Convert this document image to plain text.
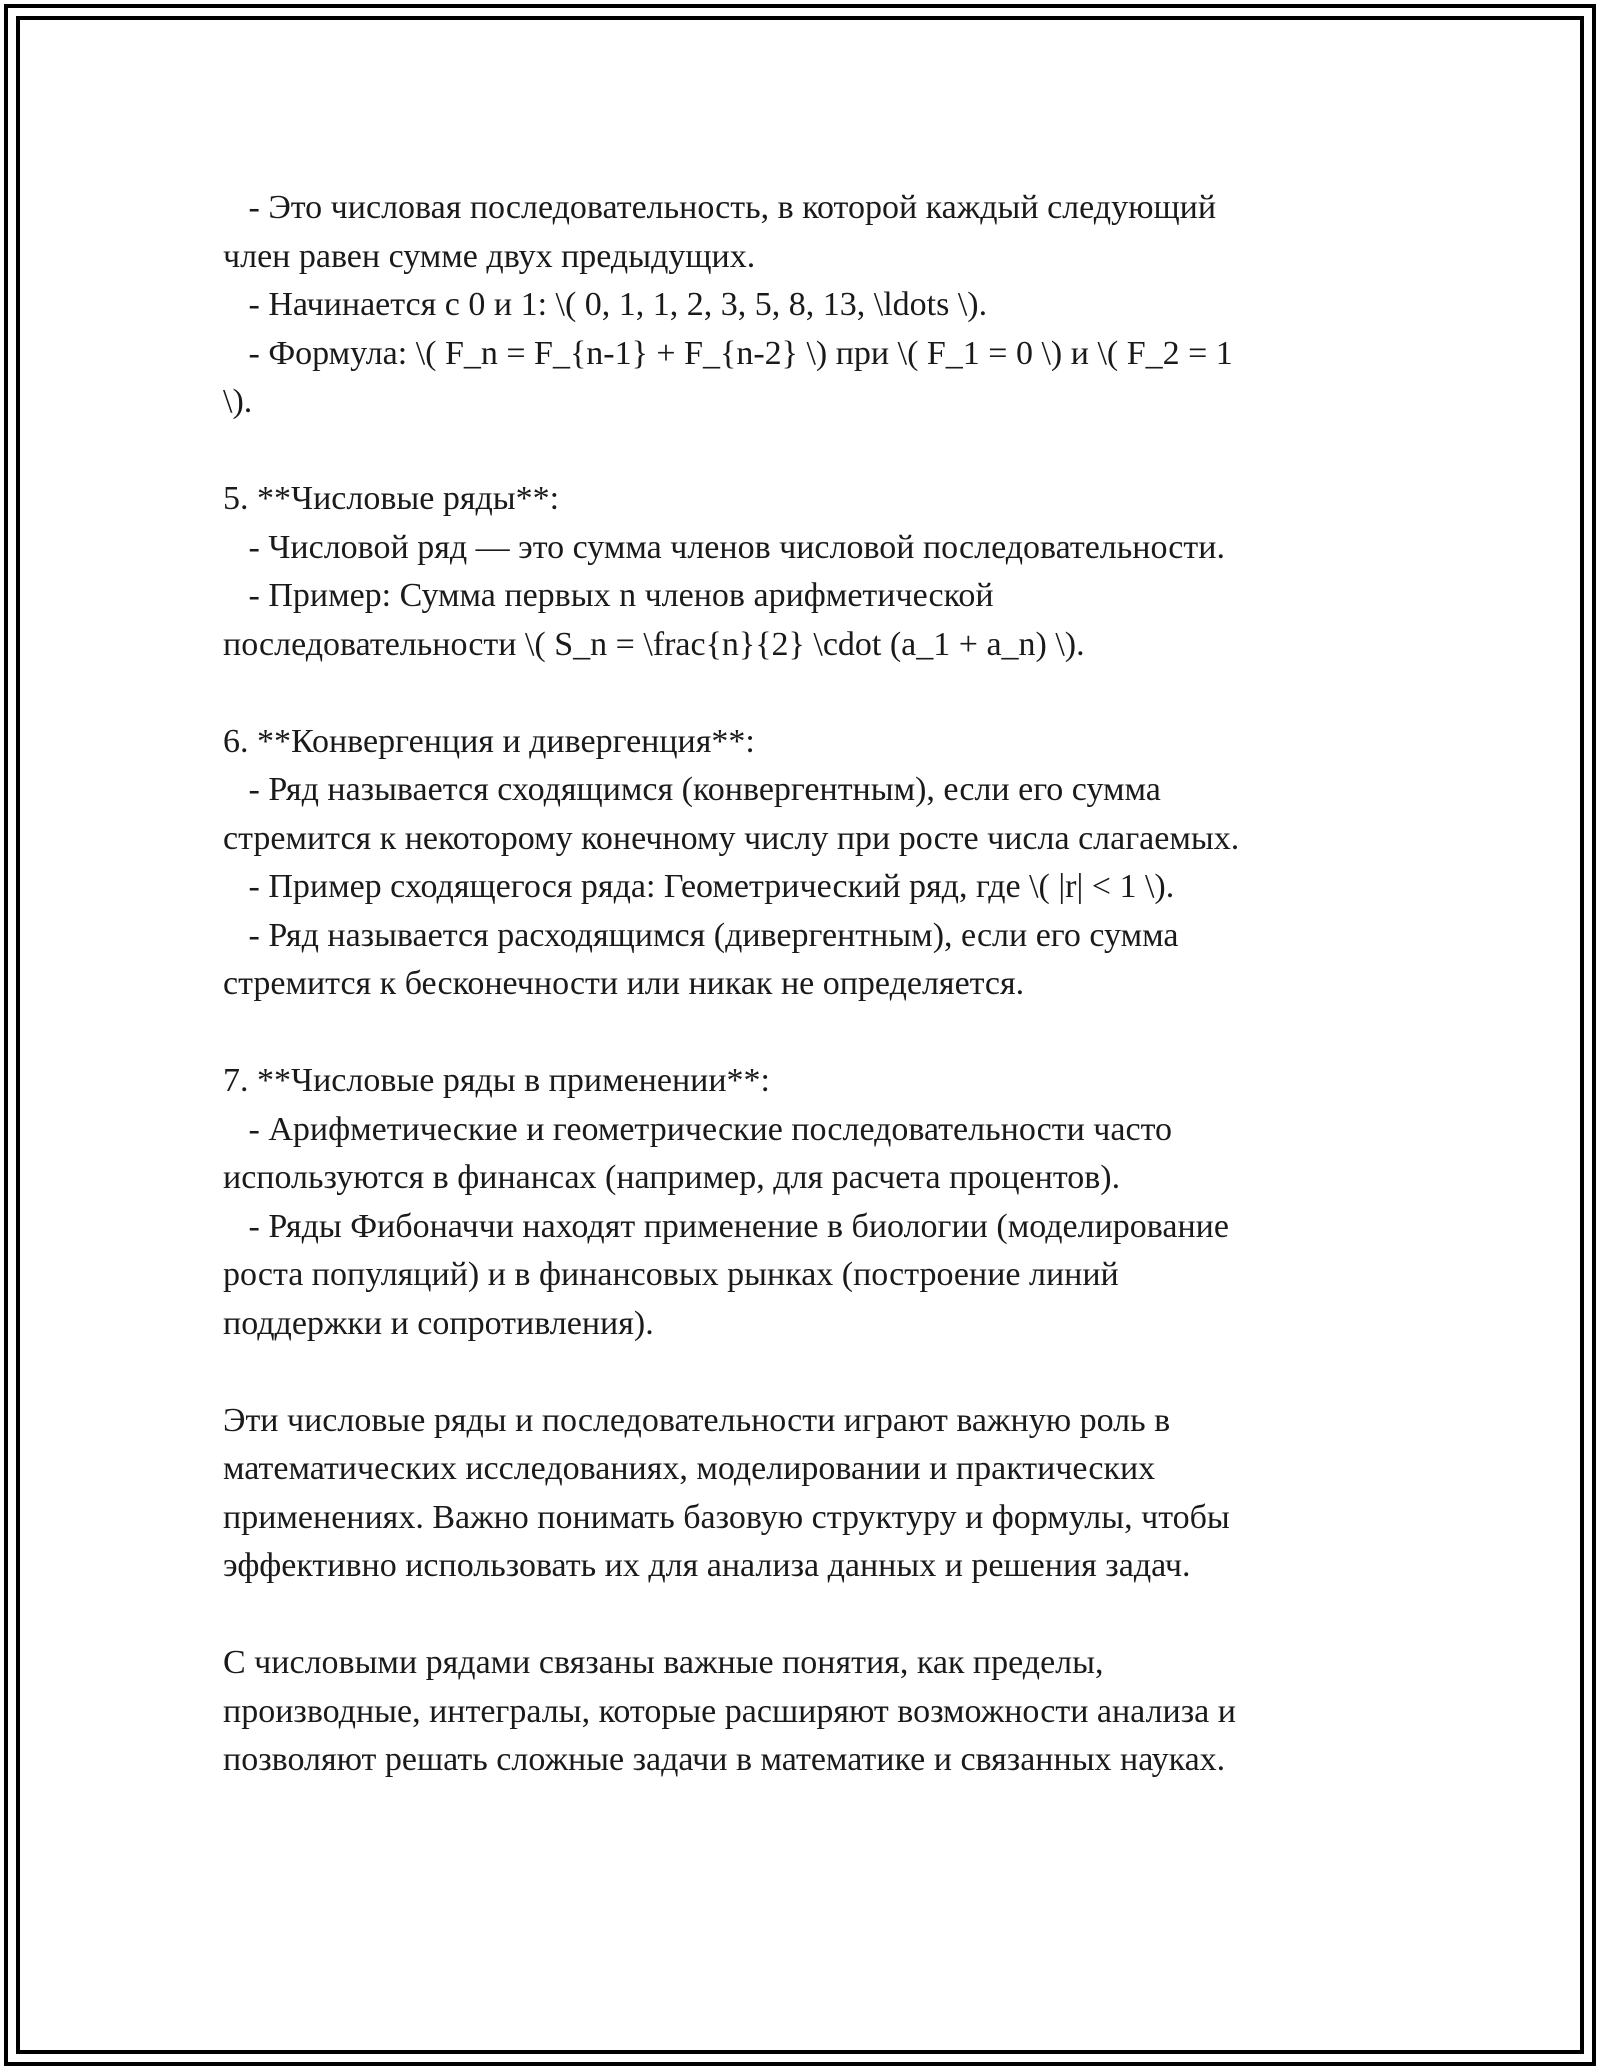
- Это числовая последовательность, в которой каждый следующий
член равен сумме двух предыдущих.
- Начинается с 0 и 1: \( 0, 1, 1, 2, 3, 5, 8, 13, \ldots \).
- Формула: \( F_n = F_{n-1} + F_{n-2} \) при \( F_1 = 0 \) и \( F_2 = 1
\).
5. **Числовые ряды**:
- Числовой ряд — это сумма членов числовой последовательности.
- Пример: Сумма первых n членов арифметической
последовательности \( S_n = \frac{n}{2} \cdot (a_1 + a_n) \).
6. **Конвергенция и дивергенция**:
- Ряд называется сходящимся (конвергентным), если его сумма
стремится к некоторому конечному числу при росте числа слагаемых.
- Пример сходящегося ряда: Геометрический ряд, где \( |r| < 1 \).
- Ряд называется расходящимся (дивергентным), если его сумма
стремится к бесконечности или никак не определяется.
7. **Числовые ряды в применении**:
- Арифметические и геометрические последовательности часто
используются в финансах (например, для расчета процентов).
- Ряды Фибоначчи находят применение в биологии (моделирование
роста популяций) и в финансовых рынках (построение линий
поддержки и сопротивления).
Эти числовые ряды и последовательности играют важную роль в
математических исследованиях, моделировании и практических
применениях. Важно понимать базовую структуру и формулы, чтобы
эффективно использовать их для анализа данных и решения задач.
С числовыми рядами связаны важные понятия, как пределы,
производные, интегралы, которые расширяют возможности анализа и
позволяют решать сложные задачи в математике и связанных науках.
